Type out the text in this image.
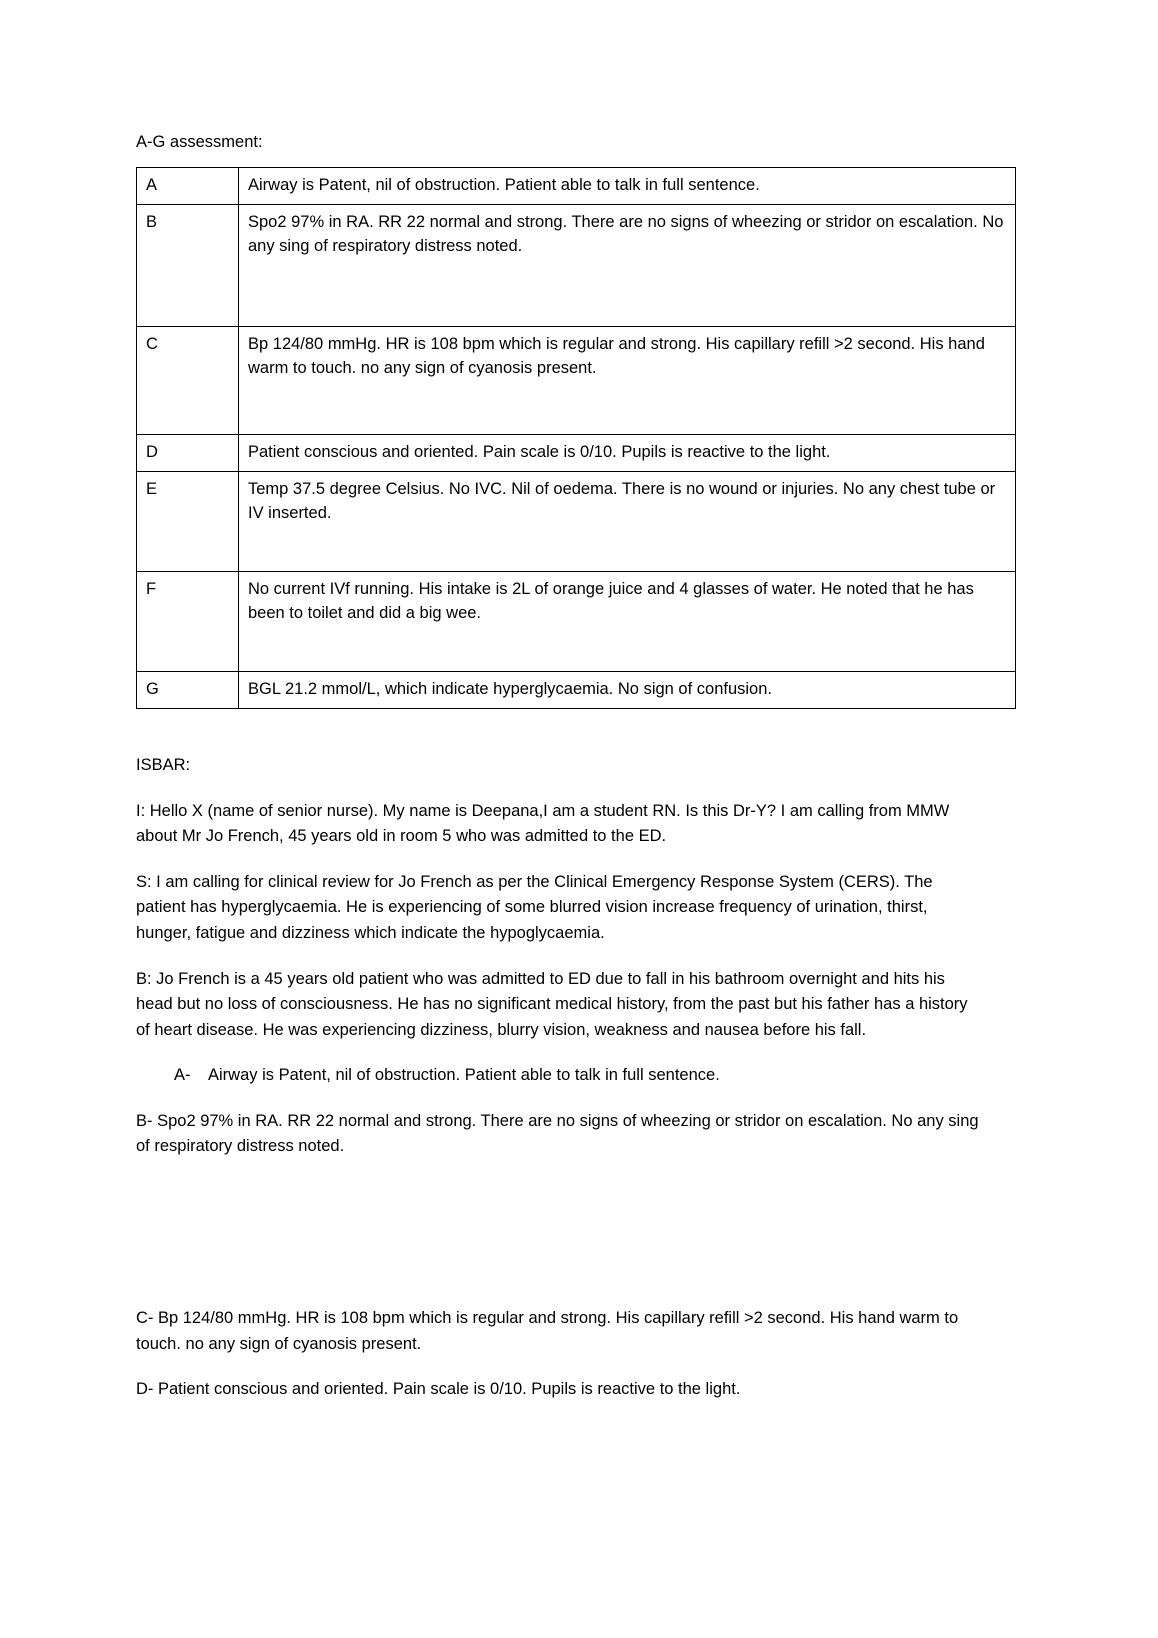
A-G assessment:

A	Airway is Patent, nil of obstruction. Patient able to talk in full sentence.
B	Spo2 97% in RA. RR 22 normal and strong. There are no signs of wheezing or stridor on escalation. No any sing of respiratory distress noted.
C	Bp 124/80 mmHg. HR is 108 bpm which is regular and strong. His capillary refill >2 second. His hand warm to touch. no any sign of cyanosis present.
D	Patient conscious and oriented. Pain scale is 0/10. Pupils is reactive to the light.
E	Temp 37.5 degree Celsius. No IVC. Nil of oedema. There is no wound or injuries. No any chest tube or IV inserted.
F	No current IVf running. His intake is 2L of orange juice and 4 glasses of water. He noted that he has been to toilet and did a big wee.
G	BGL 21.2 mmol/L, which indicate hyperglycaemia. No sign of confusion.

ISBAR:

I: Hello X (name of senior nurse). My name is Deepana,I am a student RN. Is this Dr-Y? I am calling from MMW about Mr Jo French, 45 years old in room 5 who was admitted to the ED.

S: I am calling for clinical review for Jo French as per the Clinical Emergency Response System (CERS). The patient has hyperglycaemia. He is experiencing of some blurred vision increase frequency of urination, thirst, hunger, fatigue and dizziness which indicate the hypoglycaemia.

B: Jo French is a 45 years old patient who was admitted to ED due to fall in his bathroom overnight and hits his head but no loss of consciousness. He has no significant medical history, from the past but his father has a history of heart disease. He was experiencing dizziness, blurry vision, weakness and nausea before his fall.

A- Airway is Patent, nil of obstruction. Patient able to talk in full sentence.

B- Spo2 97% in RA. RR 22 normal and strong. There are no signs of wheezing or stridor on escalation. No any sing of respiratory distress noted.

C- Bp 124/80 mmHg. HR is 108 bpm which is regular and strong. His capillary refill >2 second. His hand warm to touch. no any sign of cyanosis present.

D- Patient conscious and oriented. Pain scale is 0/10. Pupils is reactive to the light.
